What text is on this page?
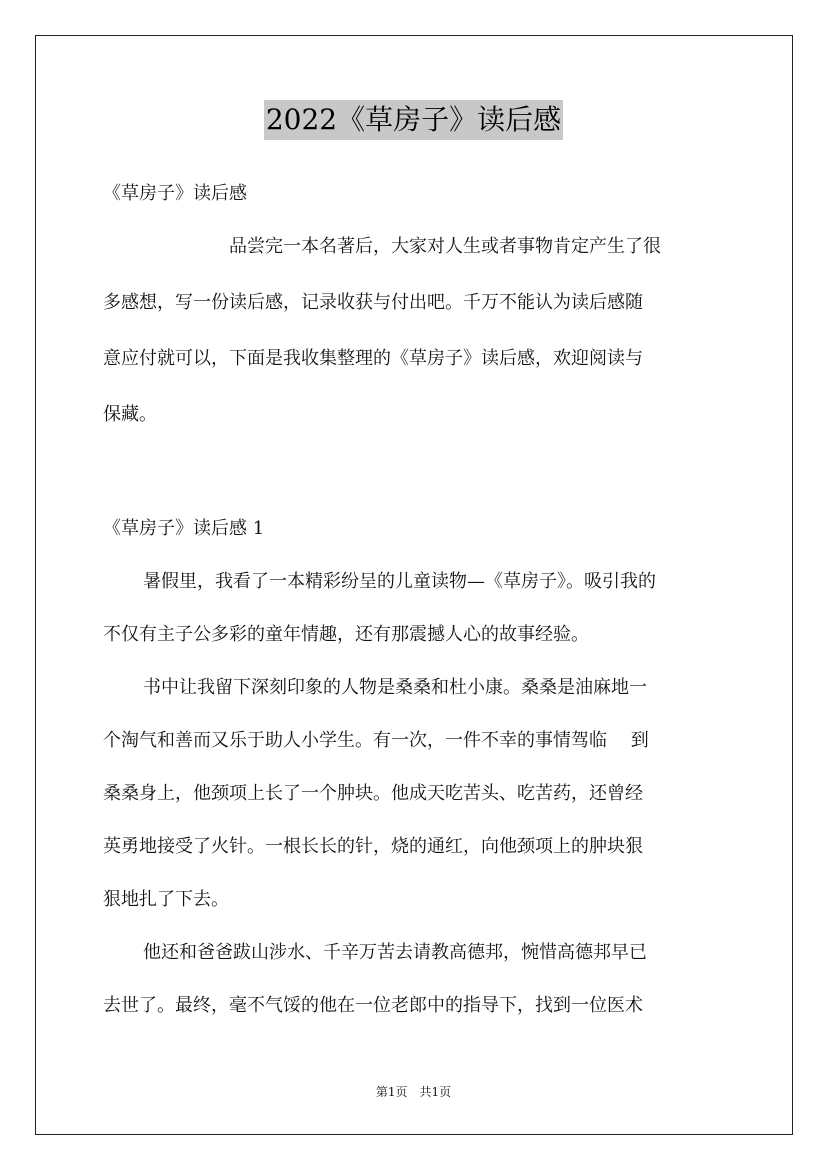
2022《草房子》读后感
《草房子》读后感
品尝完一本名著后，大家对人生或者事物肯定产生了很
多感想，写一份读后感，记录收获与付出吧。千万不能认为读后感随
意应付就可以，下面是我收集整理的《草房子》读后感，欢迎阅读与
保藏。
《草房子》读后感 1
暑假里，我看了一本精彩纷呈的儿童读物—《草房子》。吸引我的
不仅有主子公多彩的童年情趣，还有那震撼人心的故事经验。
书中让我留下深刻印象的人物是桑桑和杜小康。桑桑是油麻地一
个淘气和善而又乐于助人小学生。有一次，一件不幸的事情驾临　 到
桑桑身上，他颈项上长了一个肿块。他成天吃苦头、吃苦药，还曾经
英勇地接受了火针。一根长长的针，烧的通红，向他颈项上的肿块狠
狠地扎了下去。
他还和爸爸跋山涉水、千辛万苦去请教高德邦，惋惜高德邦早已
去世了。最终，毫不气馁的他在一位老郎中的指导下，找到一位医术
第1页　共1页
